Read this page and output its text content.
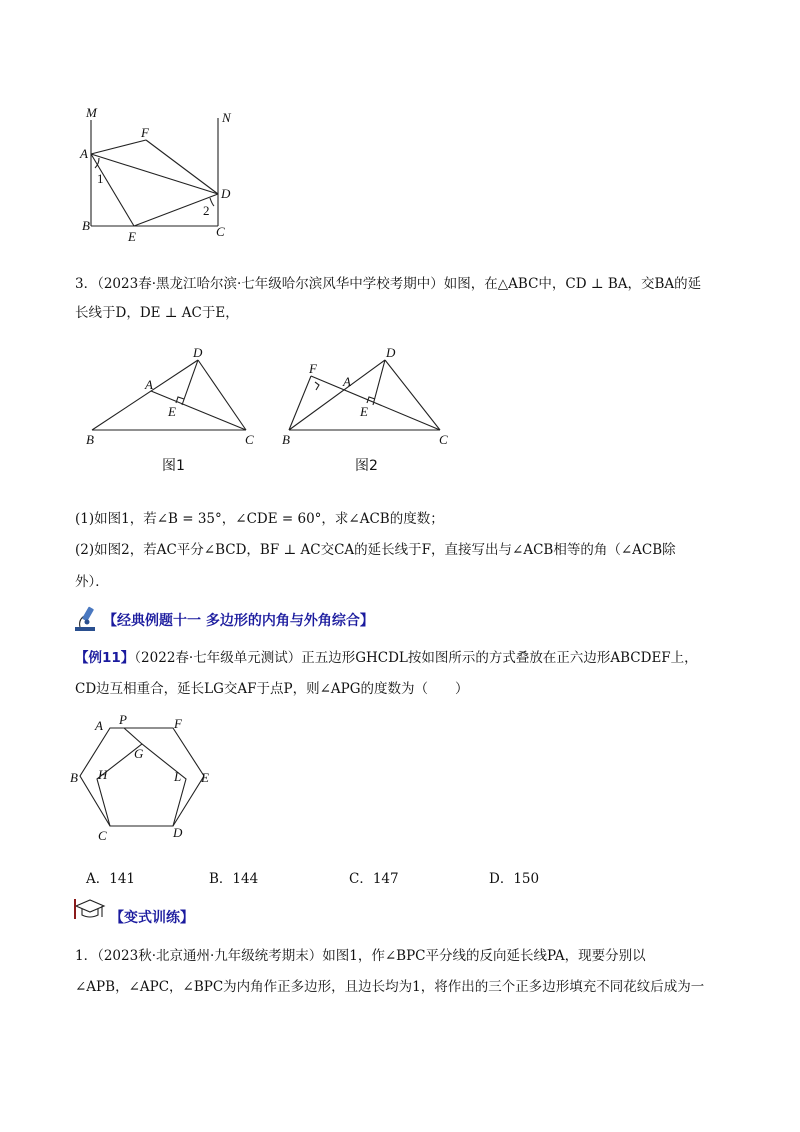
M	N
F
A
1
D
2
B
E	C
3．（2023春·黑龙江哈尔滨·七年级哈尔滨风华中学校考期中）如图，在△ABC中，CD ⊥ BA，交BA的延
长线于D，DE ⊥ AC于E，
D
A
E
B	C
图1
F
D
A
E
B	C
图2
(1)如图1，若∠B = 35°，∠CDE = 60°，求∠ACB的度数；
(2)如图2，若AC平分∠BCD，BF ⊥ AC交CA的延长线于F，直接写出与∠ACB相等的角（∠ACB除
外）．
【经典例题十一 多边形的内角与外角综合】
【例11】（2022春·七年级单元测试）正五边形GHCDL按如图所示的方式叠放在正六边形ABCDEF上，
CD边互相重合，延长LG交AF于点P，则∠APG的度数为（　　）
A P	F
G
B H	L E
C	D
A．141	B．144	C．147	D．150
【变式训练】
1．（2023秋·北京通州·九年级统考期末）如图1，作∠BPC平分线的反向延长线PA，现要分别以
∠APB，∠APC，∠BPC为内角作正多边形，且边长均为1，将作出的三个正多边形填充不同花纹后成为一
